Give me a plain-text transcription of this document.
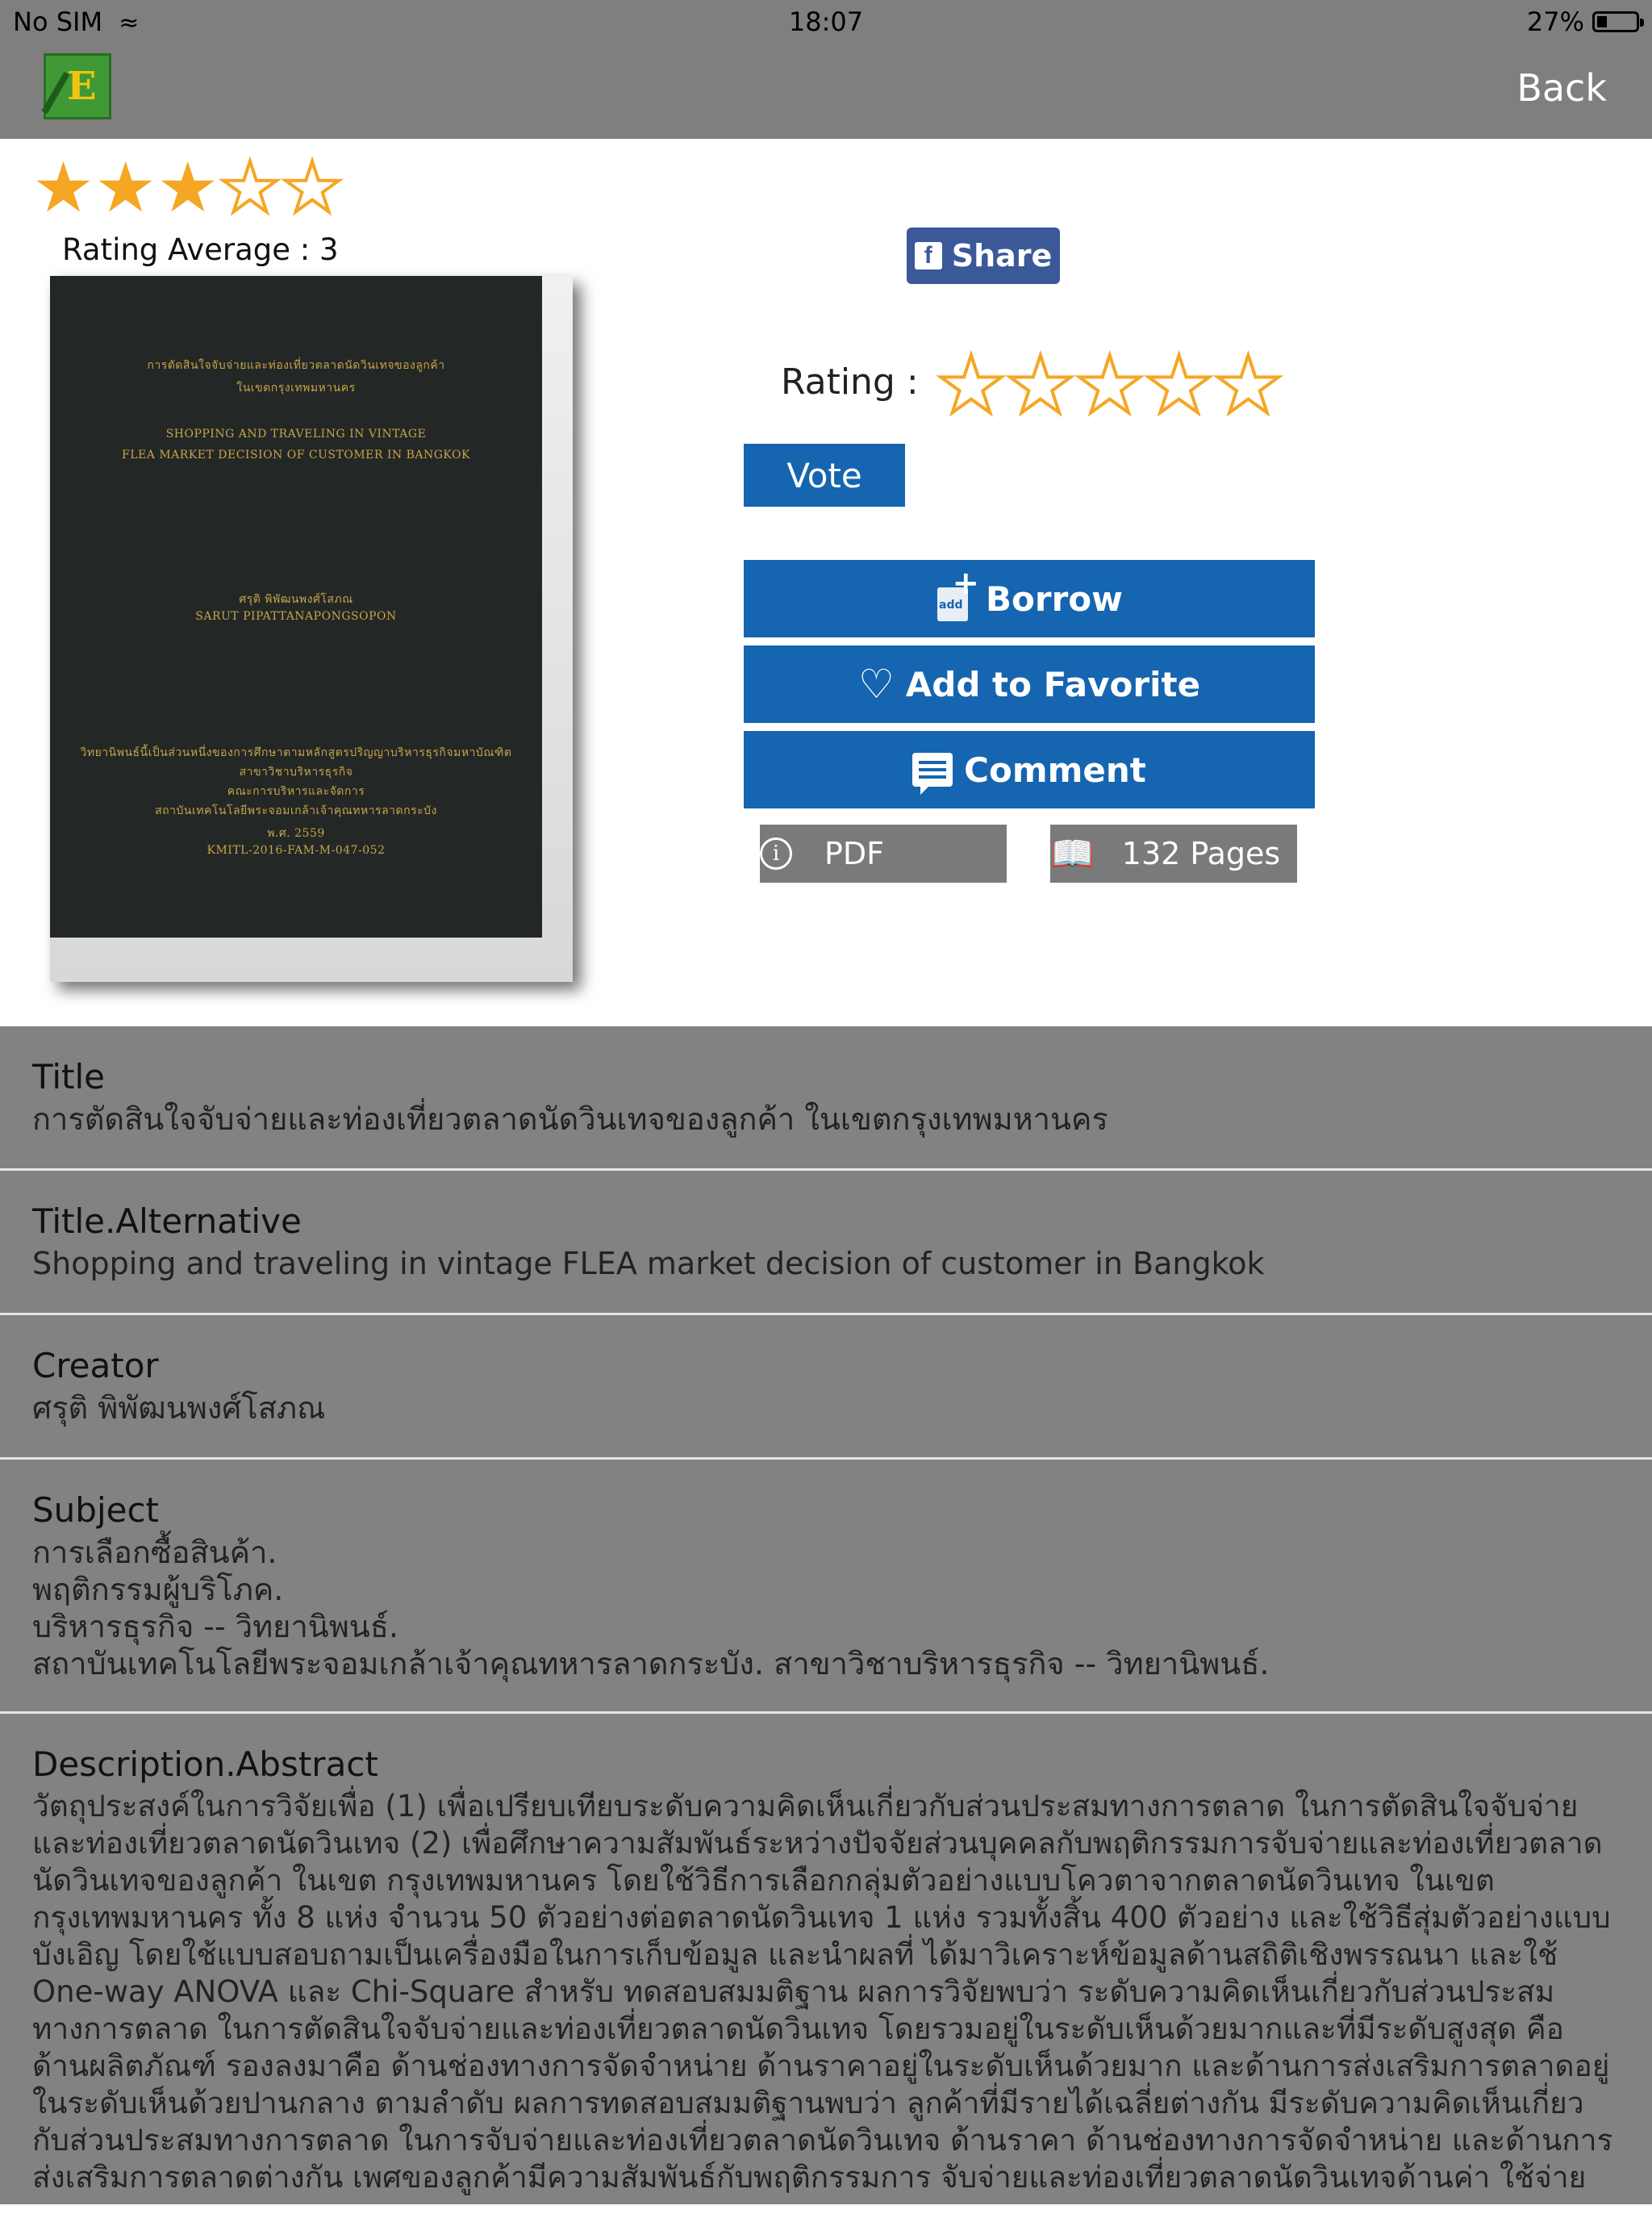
No SIM ≈	18:07	27%
E	Back
★ ★ ★ ★ ★
Rating Average : 3
การตัดสินใจจับจ่ายและท่องเที่ยวตลาดนัดวินเทจของลูกค้า
ในเขตกรุงเทพมหานคร
SHOPPING AND TRAVELING IN VINTAGE
FLEA MARKET DECISION OF CUSTOMER IN BANGKOK
ศรุติ พิพัฒนพงศ์โสภณ
SARUT PIPATTANAPONGSOPON
วิทยานิพนธ์นี้เป็นส่วนหนึ่งของการศึกษาตามหลักสูตรปริญญาบริหารธุรกิจมหาบัณฑิต
สาขาวิชาบริหารธุรกิจ
คณะการบริหารและจัดการ
สถาบันเทคโนโลยีพระจอมเกล้าเจ้าคุณทหารลาดกระบัง
พ.ศ. 2559
KMITL-2016-FAM-M-047-052
f Share
Rating : ★
★
★
★
★
Vote
add
+ Borrow
♡ Add to Favorite
Comment
i	PDF	📖 132 Pages
Title
การตัดสินใจจับจ่ายและท่องเที่ยวตลาดนัดวินเทจของลูกค้า ในเขตกรุงเทพมหานคร
Title.Alternative
Shopping and traveling in vintage FLEA market decision of customer in Bangkok
Creator
ศรุติ พิพัฒนพงศ์โสภณ
Subject
การเลือกซื้อสินค้า.
พฤติกรรมผู้บริโภค.
บริหารธุรกิจ -- วิทยานิพนธ์.
สถาบันเทคโนโลยีพระจอมเกล้าเจ้าคุณทหารลาดกระบัง. สาขาวิชาบริหารธุรกิจ -- วิทยานิพนธ์.
Description.Abstract
วัตถุประสงค์ในการวิจัยเพื่อ (1) เพื่อเปรียบเทียบระดับความคิดเห็นเกี่ยวกับส่วนประสมทางการตลาด ในการตัดสินใจจับจ่ายและท่องเที่ยวตลาดนัดวินเทจ (2) เพื่อศึกษาความสัมพันธ์ระหว่างปัจจัยส่วนบุคคลกับพฤติกรรมการจับจ่ายและท่องเที่ยวตลาดนัดวินเทจของลูกค้า ในเขต กรุงเทพมหานคร โดยใช้วิธีการเลือกกลุ่มตัวอย่างแบบโควตาจากตลาดนัดวินเทจ ในเขตกรุงเทพมหานคร ทั้ง 8 แห่ง จำนวน 50 ตัวอย่างต่อตลาดนัดวินเทจ 1 แห่ง รวมทั้งสิ้น 400 ตัวอย่าง และใช้วิธีสุ่มตัวอย่างแบบบังเอิญ โดยใช้แบบสอบถามเป็นเครื่องมือในการเก็บข้อมูล และนำผลที่ ได้มาวิเคราะห์ข้อมูลด้านสถิติเชิงพรรณนา และใช้ One-way ANOVA และ Chi-Square สำหรับ ทดสอบสมมติฐาน ผลการวิจัยพบว่า ระดับความคิดเห็นเกี่ยวกับส่วนประสมทางการตลาด ในการตัดสินใจจับจ่ายและท่องเที่ยวตลาดนัดวินเทจ โดยรวมอยู่ในระดับเห็นด้วยมากและที่มีระดับสูงสุด คือ ด้านผลิตภัณฑ์ รองลงมาคือ ด้านช่องทางการจัดจำหน่าย ด้านราคาอยู่ในระดับเห็นด้วยมาก และด้านการส่งเสริมการตลาดอยู่ในระดับเห็นด้วยปานกลาง ตามลำดับ ผลการทดสอบสมมติฐานพบว่า ลูกค้าที่มีรายได้เฉลี่ยต่างกัน มีระดับความคิดเห็นเกี่ยวกับส่วนประสมทางการตลาด ในการจับจ่ายและท่องเที่ยวตลาดนัดวินเทจ ด้านราคา ด้านช่องทางการจัดจำหน่าย และด้านการส่งเสริมการตลาดต่างกัน เพศของลูกค้ามีความสัมพันธ์กับพฤติกรรมการ จับจ่ายและท่องเที่ยวตลาดนัดวินเทจด้านค่า ใช้จ่าย
